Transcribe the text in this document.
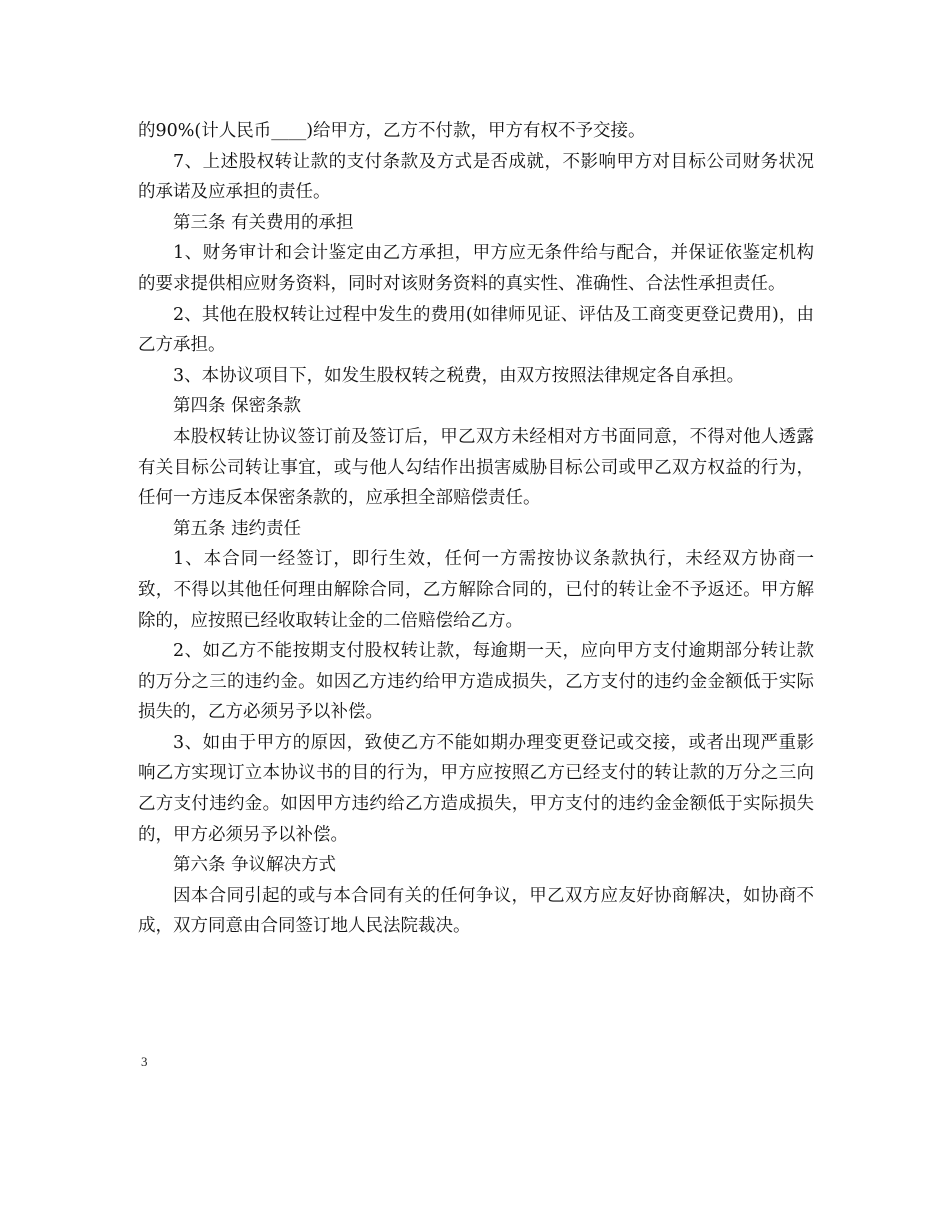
的90%(计人民币____)给甲方，乙方不付款，甲方有权不予交接。

7、上述股权转让款的支付条款及方式是否成就，不影响甲方对目标公司财务状况的承诺及应承担的责任。

第三条 有关费用的承担

1、财务审计和会计鉴定由乙方承担，甲方应无条件给与配合，并保证依鉴定机构的要求提供相应财务资料，同时对该财务资料的真实性、准确性、合法性承担责任。

2、其他在股权转让过程中发生的费用(如律师见证、评估及工商变更登记费用)，由乙方承担。

3、本协议项目下，如发生股权转之税费，由双方按照法律规定各自承担。

第四条 保密条款

本股权转让协议签订前及签订后，甲乙双方未经相对方书面同意，不得对他人透露有关目标公司转让事宜，或与他人勾结作出损害威胁目标公司或甲乙双方权益的行为，任何一方违反本保密条款的，应承担全部赔偿责任。

第五条 违约责任

1、本合同一经签订，即行生效，任何一方需按协议条款执行，未经双方协商一致，不得以其他任何理由解除合同，乙方解除合同的，已付的转让金不予返还。甲方解除的，应按照已经收取转让金的二倍赔偿给乙方。

2、如乙方不能按期支付股权转让款，每逾期一天，应向甲方支付逾期部分转让款的万分之三的违约金。如因乙方违约给甲方造成损失，乙方支付的违约金金额低于实际损失的，乙方必须另予以补偿。

3、如由于甲方的原因，致使乙方不能如期办理变更登记或交接，或者出现严重影响乙方实现订立本协议书的目的行为，甲方应按照乙方已经支付的转让款的万分之三向乙方支付违约金。如因甲方违约给乙方造成损失，甲方支付的违约金金额低于实际损失的，甲方必须另予以补偿。

第六条 争议解决方式

因本合同引起的或与本合同有关的任何争议，甲乙双方应友好协商解决，如协商不成，双方同意由合同签订地人民法院裁决。

3
